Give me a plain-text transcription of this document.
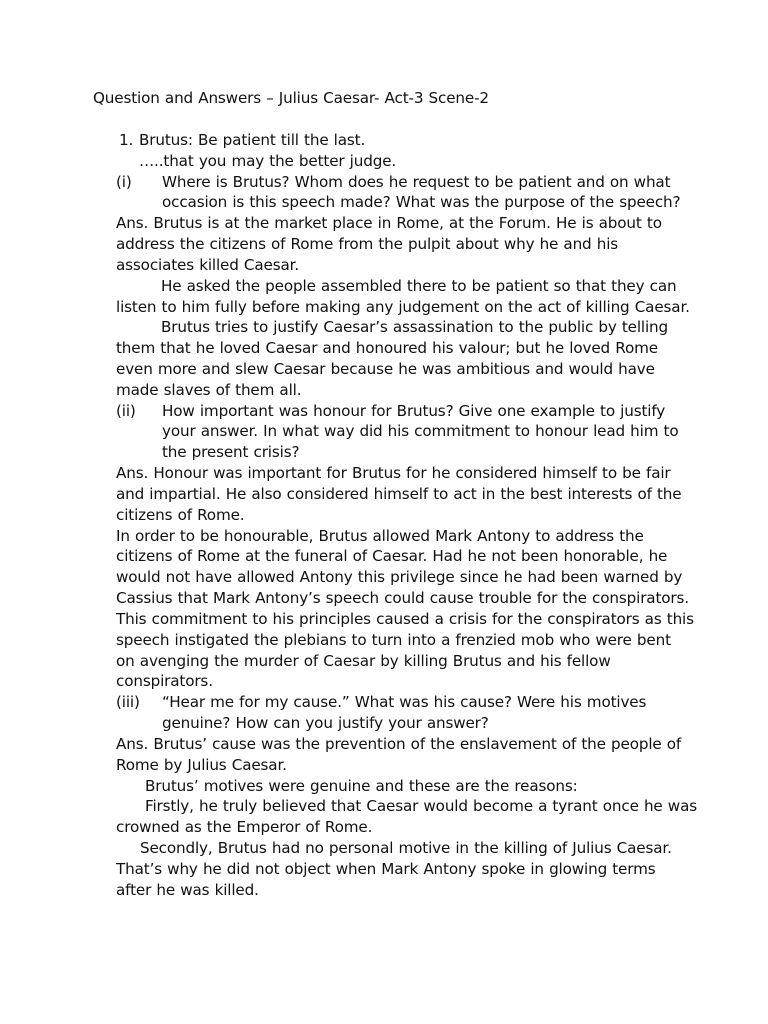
Question and Answers – Julius Caesar- Act-3 Scene-2
1. Brutus: Be patient till the last.
…..that you may the better judge.
(i) Where is Brutus? Whom does he request to be patient and on what
occasion is this speech made? What was the purpose of the speech?
Ans. Brutus is at the market place in Rome, at the Forum. He is about to
address the citizens of Rome from the pulpit about why he and his
associates killed Caesar.
He asked the people assembled there to be patient so that they can
listen to him fully before making any judgement on the act of killing Caesar.
Brutus tries to justify Caesar’s assassination to the public by telling
them that he loved Caesar and honoured his valour; but he loved Rome
even more and slew Caesar because he was ambitious and would have
made slaves of them all.
(ii) How important was honour for Brutus? Give one example to justify
your answer. In what way did his commitment to honour lead him to
the present crisis?
Ans. Honour was important for Brutus for he considered himself to be fair
and impartial. He also considered himself to act in the best interests of the
citizens of Rome.
In order to be honourable, Brutus allowed Mark Antony to address the
citizens of Rome at the funeral of Caesar. Had he not been honorable, he
would not have allowed Antony this privilege since he had been warned by
Cassius that Mark Antony’s speech could cause trouble for the conspirators.
This commitment to his principles caused a crisis for the conspirators as this
speech instigated the plebians to turn into a frenzied mob who were bent
on avenging the murder of Caesar by killing Brutus and his fellow
conspirators.
(iii) “Hear me for my cause.” What was his cause? Were his motives
genuine? How can you justify your answer?
Ans. Brutus’ cause was the prevention of the enslavement of the people of
Rome by Julius Caesar.
Brutus’ motives were genuine and these are the reasons:
Firstly, he truly believed that Caesar would become a tyrant once he was
crowned as the Emperor of Rome.
Secondly, Brutus had no personal motive in the killing of Julius Caesar.
That’s why he did not object when Mark Antony spoke in glowing terms
after he was killed.
